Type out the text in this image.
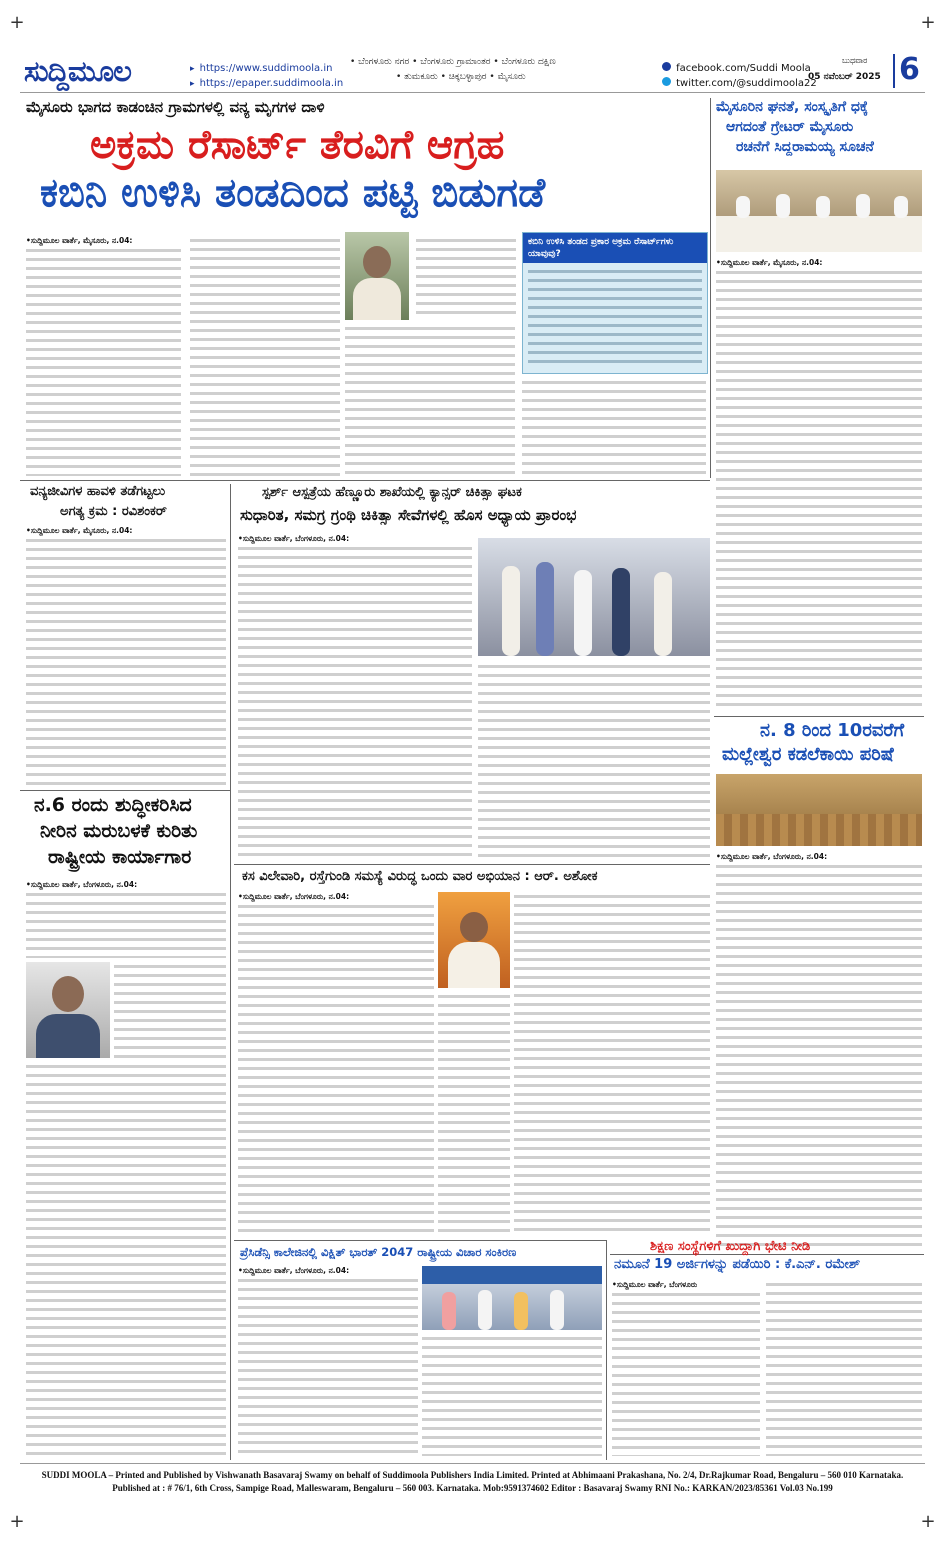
+	+
+	+
ಸುದ್ದಿಮೂಲ	▸ https://www.suddimoola.in
▸ https://epaper.suddimoola.in
• ಬೆಂಗಳೂರು ನಗರ • ಬೆಂಗಳೂರು ಗ್ರಾಮಾಂತರ • ಬೆಂಗಳೂರು ದಕ್ಷಿಣ
• ತುಮಕೂರು • ಚಿಕ್ಕಬಳ್ಳಾಪುರ • ಮೈಸೂರು
facebook.com/Suddi Moola
twitter.com/@suddimoola22
ಬುಧವಾರ
05 ನವೆಂಬರ್ 2025 6
ಮೈಸೂರು ಭಾಗದ ಕಾಡಂಚಿನ ಗ್ರಾಮಗಳಲ್ಲಿ ವನ್ಯ ಮೃಗಗಳ ದಾಳಿ
ಅಕ್ರಮ ರೆಸಾರ್ಟ್ ತೆರವಿಗೆ ಆಗ್ರಹ
ಕಬಿನಿ ಉಳಿಸಿ ತಂಡದಿಂದ ಪಟ್ಟಿ ಬಿಡುಗಡೆ
•ಸುದ್ದಿಮೂಲ ವಾರ್ತೆ, ಮೈಸೂರು, ನ.04:	ಕಬಿನಿ ಉಳಿಸಿ ತಂಡದ ಪ್ರಕಾರ ಅಕ್ರಮ ರೆಸಾರ್ಟ್‌ಗಳು ಯಾವುವು?
ಮೈಸೂರಿನ ಘನತೆ, ಸಂಸ್ಕೃತಿಗೆ ಧಕ್ಕೆ
ಆಗದಂತೆ ಗ್ರೇಟರ್ ಮೈಸೂರು
ರಚನೆಗೆ ಸಿದ್ದರಾಮಯ್ಯ ಸೂಚನೆ
•ಸುದ್ದಿಮೂಲ ವಾರ್ತೆ, ಮೈಸೂರು, ನ.04:
ವನ್ಯಜೀವಿಗಳ ಹಾವಳಿ ತಡೆಗಟ್ಟಲು
ಅಗತ್ಯ ಕ್ರಮ : ರವಿಶಂಕರ್
•ಸುದ್ದಿಮೂಲ ವಾರ್ತೆ, ಮೈಸೂರು, ನ.04:
ಸ್ಪರ್ಶ್ ಆಸ್ಪತ್ರೆಯ ಹೆಣ್ಣೂರು ಶಾಖೆಯಲ್ಲಿ ಕ್ಯಾನ್ಸರ್ ಚಿಕಿತ್ಸಾ ಘಟಕ
ಸುಧಾರಿತ, ಸಮಗ್ರ ಗ್ರಂಥಿ ಚಿಕಿತ್ಸಾ ಸೇವೆಗಳಲ್ಲಿ ಹೊಸ ಅಧ್ಯಾಯ ಪ್ರಾರಂಭ
•ಸುದ್ದಿಮೂಲ ವಾರ್ತೆ, ಬೆಂಗಳೂರು, ನ.04:
ನ. 8 ರಿಂದ 10ರವರೆಗೆ
ಮಲ್ಲೇಶ್ವರ ಕಡಲೆಕಾಯಿ ಪರಿಷೆ
•ಸುದ್ದಿಮೂಲ ವಾರ್ತೆ, ಬೆಂಗಳೂರು, ನ.04:
ನ.6 ರಂದು ಶುದ್ಧೀಕರಿಸಿದ
ನೀರಿನ ಮರುಬಳಕೆ ಕುರಿತು
ರಾಷ್ಟ್ರೀಯ ಕಾರ್ಯಾಗಾರ
•ಸುದ್ದಿಮೂಲ ವಾರ್ತೆ, ಬೆಂಗಳೂರು, ನ.04:
ಕಸ ವಿಲೇವಾರಿ, ರಸ್ತೆಗುಂಡಿ ಸಮಸ್ಯೆ ವಿರುದ್ಧ ಒಂದು ವಾರ ಅಭಿಯಾನ : ಆರ್. ಅಶೋಕ
•ಸುದ್ದಿಮೂಲ ವಾರ್ತೆ, ಬೆಂಗಳೂರು, ನ.04:
ಪ್ರೆಸಿಡೆನ್ಸಿ ಕಾಲೇಜಿನಲ್ಲಿ ವಿಕ್ಷಿತ್ ಭಾರತ್ 2047 ರಾಷ್ಟ್ರೀಯ ವಿಚಾರ ಸಂಕಿರಣ
•ಸುದ್ದಿಮೂಲ ವಾರ್ತೆ, ಬೆಂಗಳೂರು, ನ.04:
ಶಿಕ್ಷಣ ಸಂಸ್ಥೆಗಳಿಗೆ ಖುದ್ದಾಗಿ ಭೇಟಿ ನೀಡಿ
ನಮೂನೆ 19 ಅರ್ಜಿಗಳನ್ನು ಪಡೆಯಿರಿ : ಕೆ.ಎನ್. ರಮೇಶ್
•ಸುದ್ದಿಮೂಲ ವಾರ್ತೆ, ಬೆಂಗಳೂರು
SUDDI MOOLA – Printed and Published by Vishwanath Basavaraj Swamy on behalf of Suddimoola Publishers India Limited. Printed at Abhimaani Prakashana, No. 2/4, Dr.Rajkumar Road, Bengaluru – 560 010 Karnataka.
Published at : # 76/1, 6th Cross, Sampige Road, Malleswaram, Bengaluru – 560 003. Karnataka. Mob:9591374602 Editor : Basavaraj Swamy RNI No.: KARKAN/2023/85361 Vol.03 No.199
